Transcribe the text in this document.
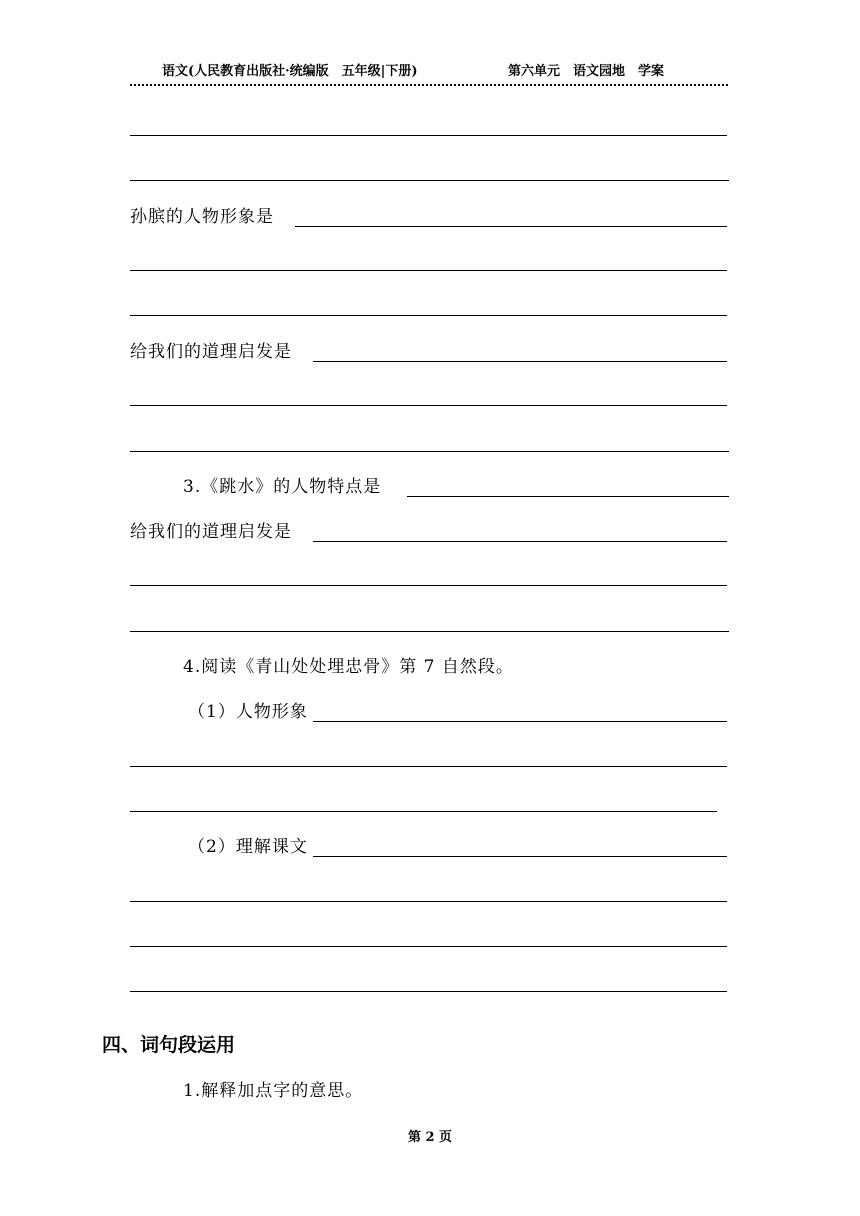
语文(人民教育出版社·统编版　五年级|下册)	第六单元　语文园地　学案
孙膑的人物形象是
给我们的道理启发是
3.《跳水》的人物特点是
给我们的道理启发是
4.阅读《青山处处埋忠骨》第 7 自然段。
（1）人物形象
（2）理解课文
四、词句段运用
1.解释加点字的意思。
第 2 页
